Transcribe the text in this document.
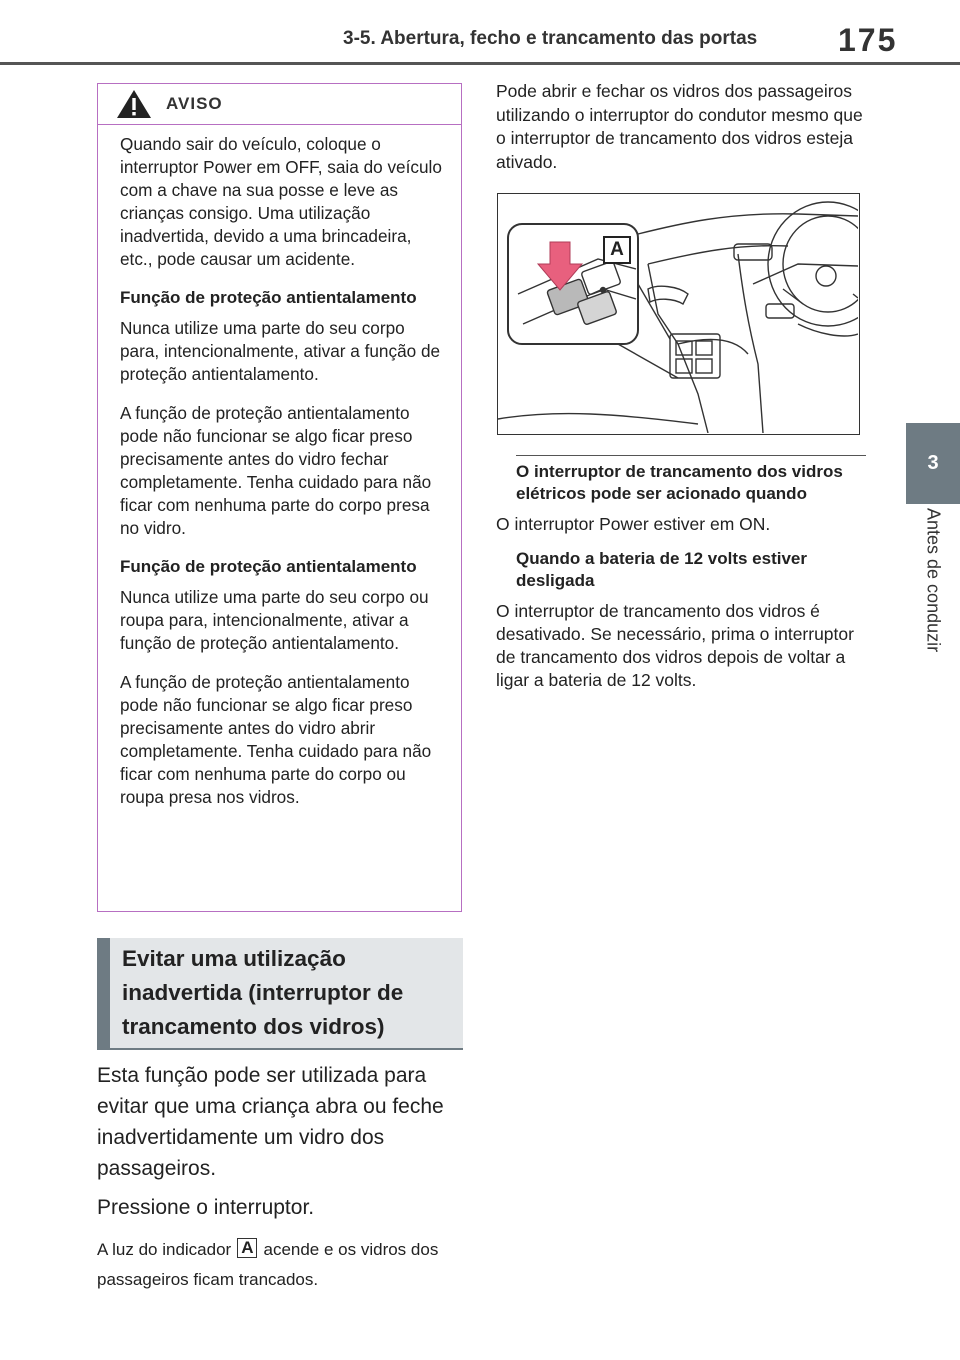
3-5. Abertura, fecho e trancamento das portas	175
3
Antes de conduzir
AVISO

Quando sair do veículo, coloque o interruptor Power em OFF, saia do veículo com a chave na sua posse e leve as crianças consigo. Uma utilização inadvertida, devido a uma brincadeira, etc., pode causar um acidente.

Função de proteção antientalamento

Nunca utilize uma parte do seu corpo para, intencionalmente, ativar a função de proteção antientalamento.

A função de proteção antientalamento pode não funcionar se algo ficar preso precisamente antes do vidro fechar completamente. Tenha cuidado para não ficar com nenhuma parte do corpo presa no vidro.

Função de proteção antientalamento

Nunca utilize uma parte do seu corpo ou roupa para, intencionalmente, ativar a função de proteção antientalamento.

A função de proteção antientalamento pode não funcionar se algo ficar preso precisamente antes do vidro abrir completamente. Tenha cuidado para não ficar com nenhuma parte do corpo ou roupa presa nos vidros.

Evitar uma utilização inadvertida (interruptor de trancamento dos vidros)

Esta função pode ser utilizada para evitar que uma criança abra ou feche inadvertidamente um vidro dos passageiros.

Pressione o interruptor.

A luz do indicador A acende e os vidros dos passageiros ficam trancados.
Pode abrir e fechar os vidros dos passageiros utilizando o interruptor do condutor mesmo que o interruptor de trancamento dos vidros esteja ativado.
A
O interruptor de trancamento dos vidros elétricos pode ser acionado quando

O interruptor Power estiver em ON.

Quando a bateria de 12 volts estiver desligada

O interruptor de trancamento dos vidros é desativado. Se necessário, prima o interruptor de trancamento dos vidros depois de voltar a ligar a bateria de 12 volts.
